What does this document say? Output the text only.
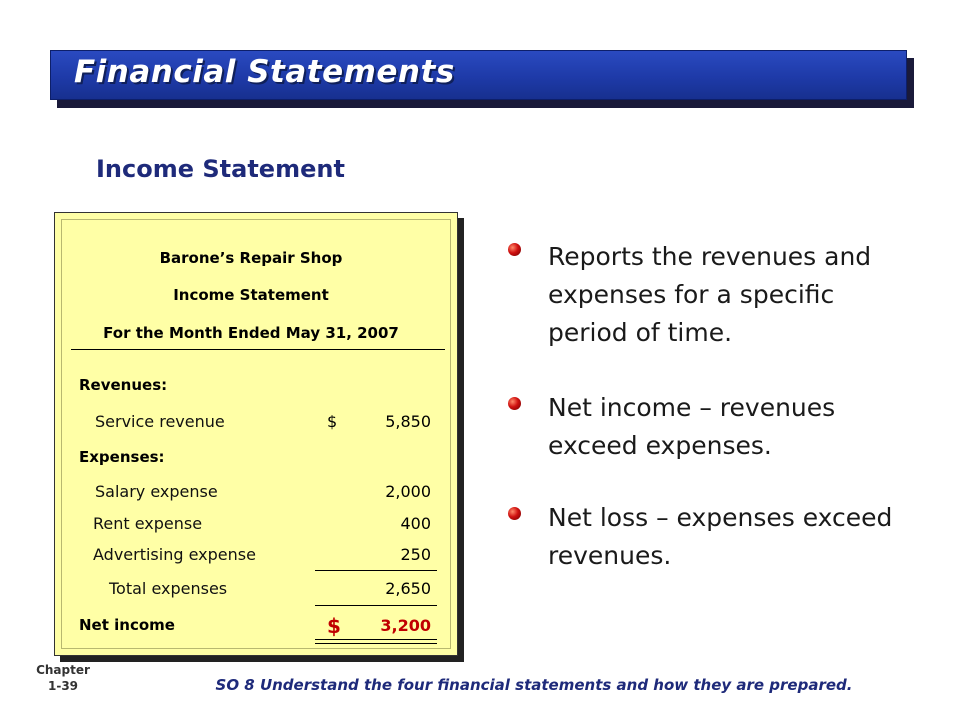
Financial Statements
Income Statement
Barone’s Repair Shop
Income Statement
For the Month Ended May 31, 2007
Revenues:
Service revenue	$	5,850
Expenses:
Salary expense	2,000
Rent expense	400
Advertising expense	250
Total expenses	2,650
Net income	$	3,200
Reports the revenues and expenses for a specific period of time.
Net income – revenues exceed expenses.
Net loss – expenses exceed revenues.
Chapter
1-39	SO 8 Understand the four financial statements and how they are prepared.
